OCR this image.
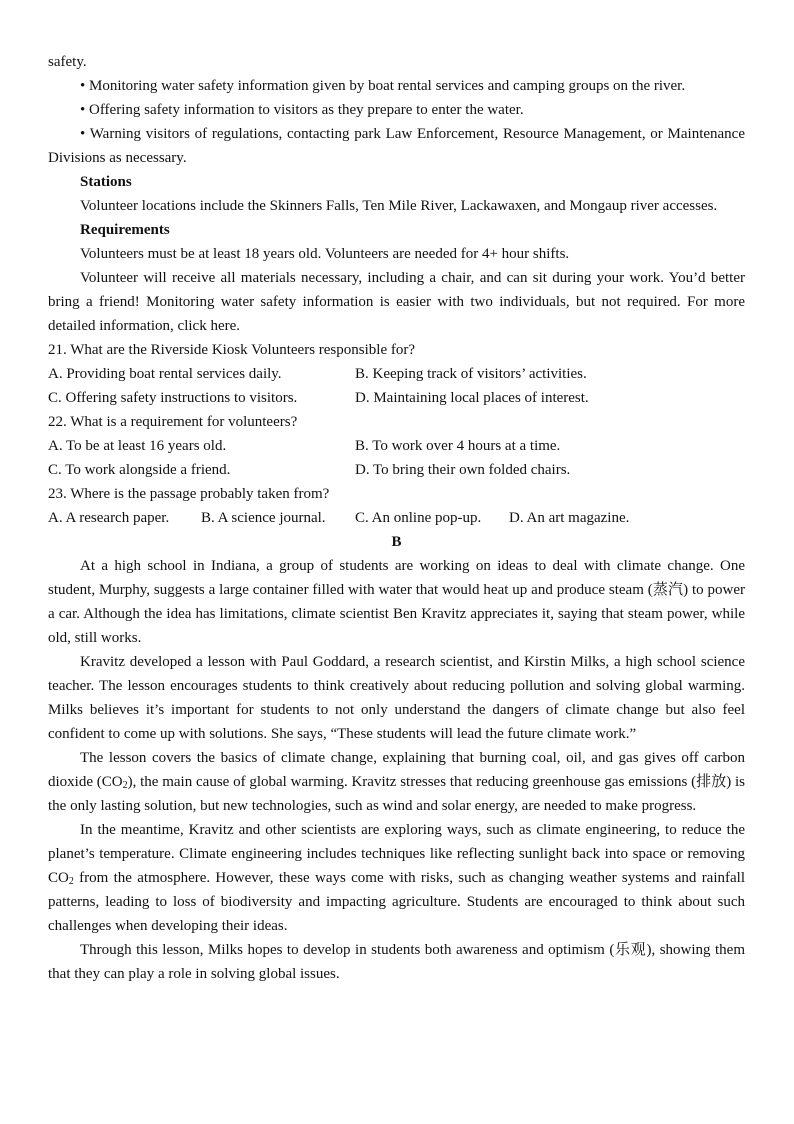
safety.

• Monitoring water safety information given by boat rental services and camping groups on the river.

• Offering safety information to visitors as they prepare to enter the water.

• Warning visitors of regulations, contacting park Law Enforcement, Resource Management, or Maintenance Divisions as necessary.

Stations

Volunteer locations include the Skinners Falls, Ten Mile River, Lackawaxen, and Mongaup river accesses.

Requirements

Volunteers must be at least 18 years old. Volunteers are needed for 4+ hour shifts.

Volunteer will receive all materials necessary, including a chair, and can sit during your work. You’d better bring a friend! Monitoring water safety information is easier with two individuals, but not required. For more detailed information, click here.

21. What are the Riverside Kiosk Volunteers responsible for?

A. Providing boat rental services daily.	B. Keeping track of visitors’ activities.
C. Offering safety instructions to visitors.	D. Maintaining local places of interest.

22. What is a requirement for volunteers?

A. To be at least 16 years old.	B. To work over 4 hours at a time.
C. To work alongside a friend.	D. To bring their own folded chairs.

23. Where is the passage probably taken from?

A. A research paper.	B. A science journal.	C. An online pop-up.	D. An art magazine.

B

At a high school in Indiana, a group of students are working on ideas to deal with climate change. One student, Murphy, suggests a large container filled with water that would heat up and produce steam (蒸汽) to power a car. Although the idea has limitations, climate scientist Ben Kravitz appreciates it, saying that steam power, while old, still works.

Kravitz developed a lesson with Paul Goddard, a research scientist, and Kirstin Milks, a high school science teacher. The lesson encourages students to think creatively about reducing pollution and solving global warming. Milks believes it’s important for students to not only understand the dangers of climate change but also feel confident to come up with solutions. She says, “These students will lead the future climate work.”

The lesson covers the basics of climate change, explaining that burning coal, oil, and gas gives off carbon dioxide $(CO_2)$, the main cause of global warming. Kravitz stresses that reducing greenhouse gas emissions (排放) is the only lasting solution, but new technologies, such as wind and solar energy, are needed to make progress.

In the meantime, Kravitz and other scientists are exploring ways, such as climate engineering, to reduce the planet’s temperature. Climate engineering includes techniques like reflecting sunlight back into space or removing $CO_2$ from the atmosphere. However, these ways come with risks, such as changing weather systems and rainfall patterns, leading to loss of biodiversity and impacting agriculture. Students are encouraged to think about such challenges when developing their ideas.

Through this lesson, Milks hopes to develop in students both awareness and optimism (乐观), showing them that they can play a role in solving global issues.
